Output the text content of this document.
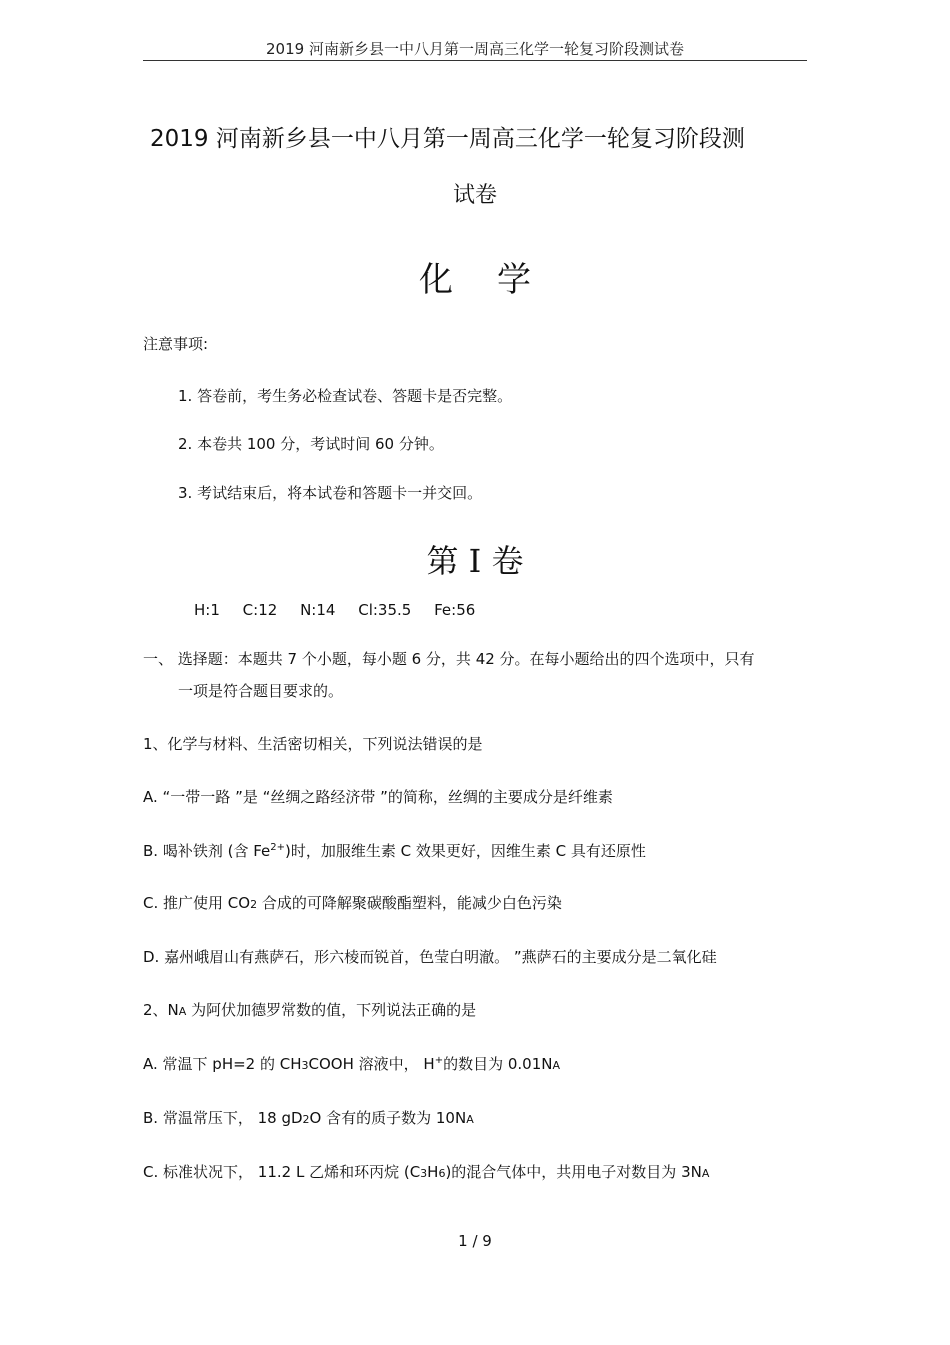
2019 河南新乡县一中八月第一周高三化学一轮复习阶段测试卷
2019 河南新乡县一中八月第一周高三化学一轮复习阶段测
试卷
化 学
注意事项:
1. 答卷前，考生务必检查试卷、答题卡是否完整。
2. 本卷共 100 分，考试时间 60 分钟。
3. 考试结束后，将本试卷和答题卡一并交回。
第 I 卷
H:1 C:12 N:14 Cl:35.5 Fe:56
一、 选择题：本题共 7 个小题，每小题 6 分，共 42 分。在每小题给出的四个选项中，只有
一项是符合题目要求的。
1、化学与材料、生活密切相关，下列说法错误的是
A. “一带一路 ”是 “丝绸之路经济带 ”的简称，丝绸的主要成分是纤维素
B. 喝补铁剂 (含 $Fe^{2+}$)时，加服维生素 C 效果更好，因维生素 C 具有还原性
C. 推广使用 CO2 合成的可降解聚碳酸酯塑料，能减少白色污染
D. 嘉州峨眉山有燕萨石，形六棱而锐首，色莹白明澈。 ”燕萨石的主要成分是二氧化硅
2、NA 为阿伏加德罗常数的值，下列说法正确的是
A. 常温下 pH=2 的 CH3COOH 溶液中， H+的数目为 0.01NA
B. 常温常压下， 18 gD2O 含有的质子数为 10NA
C. 标准状况下， 11.2 L 乙烯和环丙烷 (C3H6)的混合气体中，共用电子对数目为 3NA
1 / 9
